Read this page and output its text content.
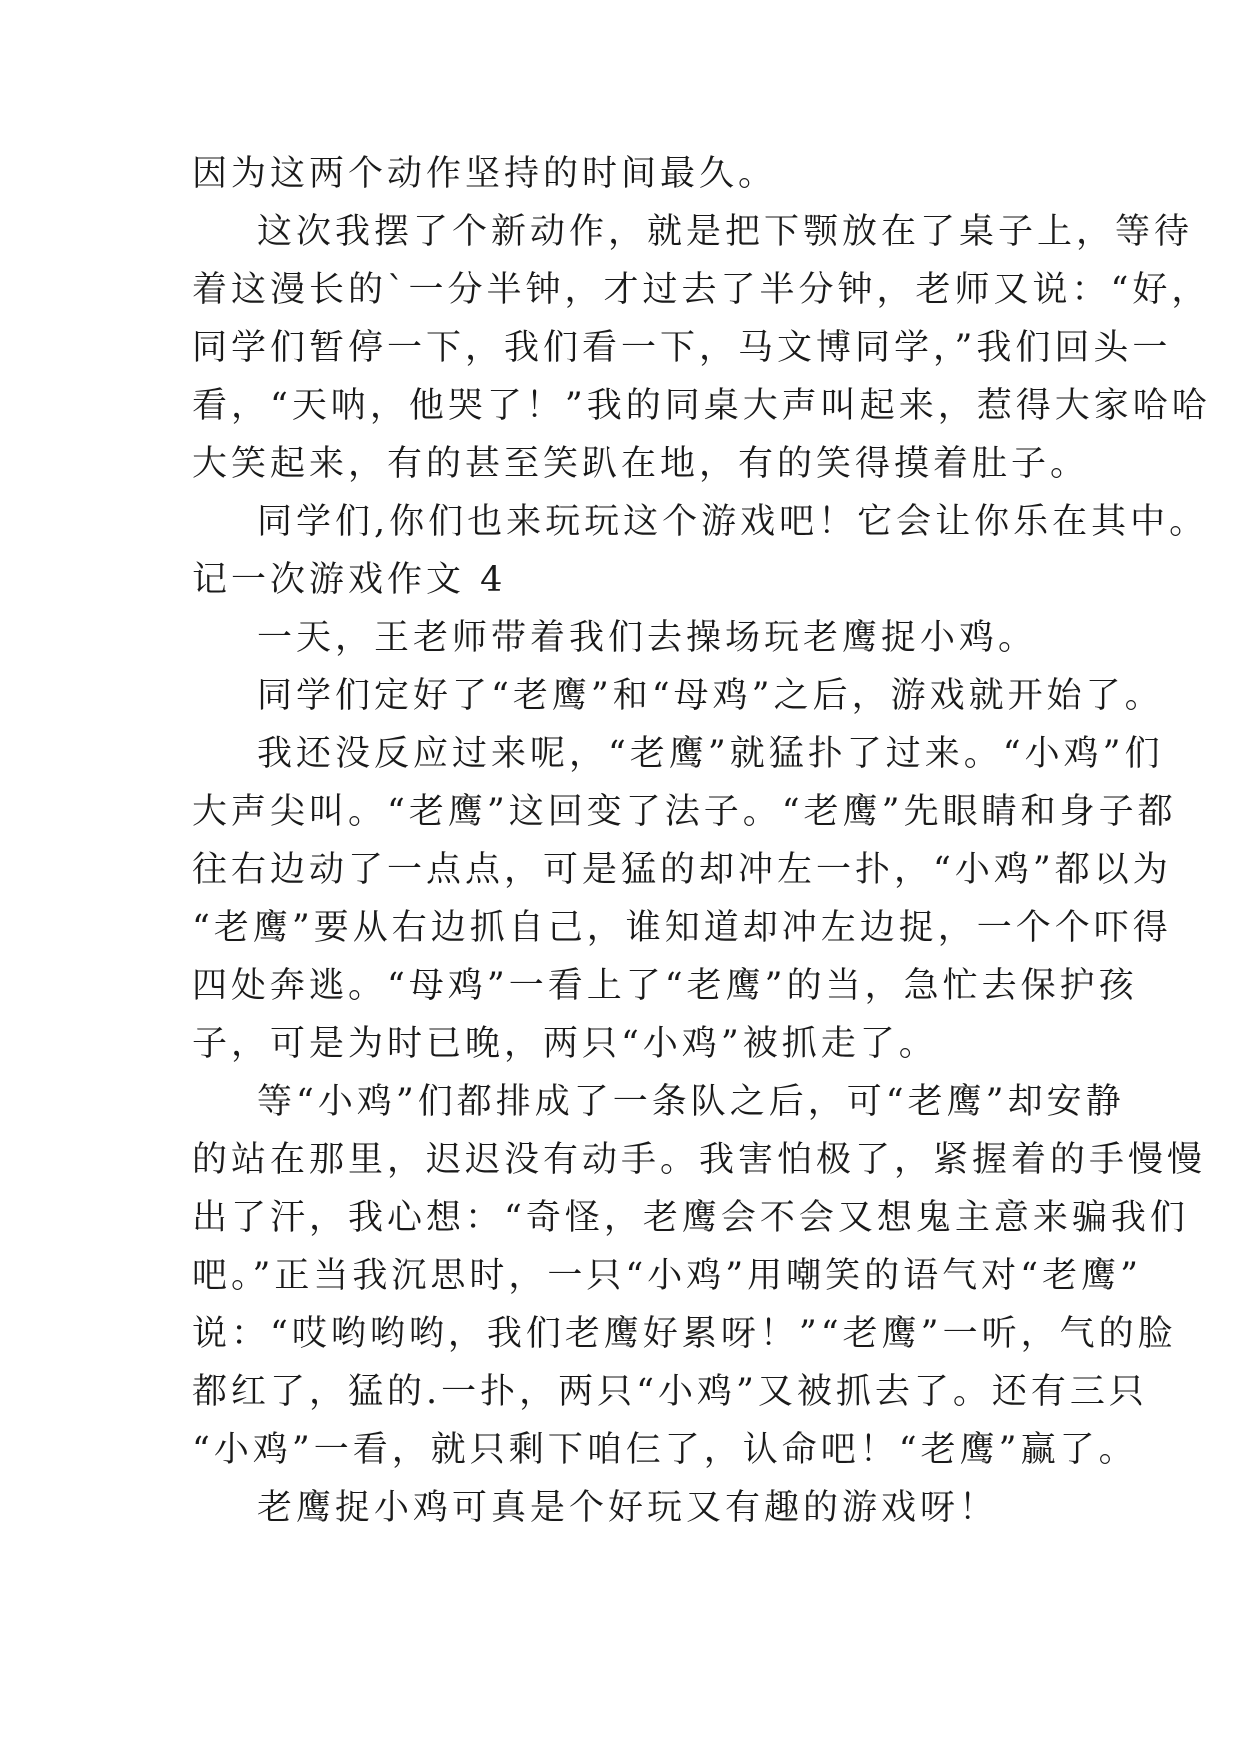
因为这两个动作坚持的时间最久。
这次我摆了个新动作，就是把下颚放在了桌子上，等待
着这漫长的`一分半钟，才过去了半分钟，老师又说：“好，
同学们暂停一下，我们看一下，马文博同学，”我们回头一
看，“天呐，他哭了！”我的同桌大声叫起来，惹得大家哈哈
大笑起来，有的甚至笑趴在地，有的笑得摸着肚子。
同学们,你们也来玩玩这个游戏吧！它会让你乐在其中。
记一次游戏作文 4
一天，王老师带着我们去操场玩老鹰捉小鸡。
同学们定好了“老鹰”和“母鸡”之后，游戏就开始了。
我还没反应过来呢，“老鹰”就猛扑了过来。“小鸡”们
大声尖叫。“老鹰”这回变了法子。“老鹰”先眼睛和身子都
往右边动了一点点，可是猛的却冲左一扑，“小鸡”都以为
“老鹰”要从右边抓自己，谁知道却冲左边捉，一个个吓得
四处奔逃。“母鸡”一看上了“老鹰”的当，急忙去保护孩
子，可是为时已晚，两只“小鸡”被抓走了。
等“小鸡”们都排成了一条队之后，可“老鹰”却安静
的站在那里，迟迟没有动手。我害怕极了，紧握着的手慢慢
出了汗，我心想：“奇怪，老鹰会不会又想鬼主意来骗我们
吧。”正当我沉思时，一只“小鸡”用嘲笑的语气对“老鹰”
说：“哎哟哟哟，我们老鹰好累呀！”“老鹰”一听，气的脸
都红了，猛的.一扑，两只“小鸡”又被抓去了。还有三只
“小鸡”一看，就只剩下咱仨了，认命吧！“老鹰”赢了。
老鹰捉小鸡可真是个好玩又有趣的游戏呀！
